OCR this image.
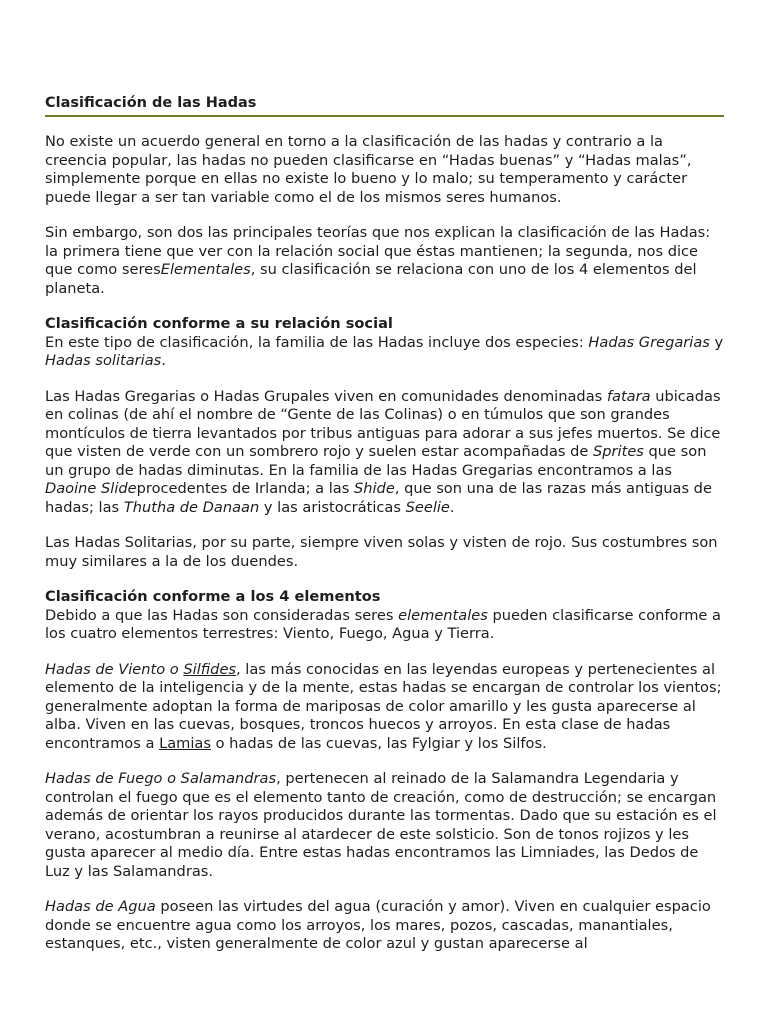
Clasificación de las Hadas

No existe un acuerdo general en torno a la clasificación de las hadas y contrario a la creencia popular, las hadas no pueden clasificarse en “Hadas buenas” y “Hadas malas”, simplemente porque en ellas no existe lo bueno y lo malo; su temperamento y carácter puede llegar a ser tan variable como el de los mismos seres humanos.

Sin embargo, son dos las principales teorías que nos explican la clasificación de las Hadas: la primera tiene que ver con la relación social que éstas mantienen; la segunda, nos dice que como seresElementales, su clasificación se relaciona con uno de los 4 elementos del planeta.

Clasificación conforme a su relación social
En este tipo de clasificación, la familia de las Hadas incluye dos especies: Hadas Gregarias y Hadas solitarias.

Las Hadas Gregarias o Hadas Grupales viven en comunidades denominadas fatara ubicadas en colinas (de ahí el nombre de “Gente de las Colinas) o en túmulos que son grandes montículos de tierra levantados por tribus antiguas para adorar a sus jefes muertos. Se dice que visten de verde con un sombrero rojo y suelen estar acompañadas de Sprites que son un grupo de hadas diminutas. En la familia de las Hadas Gregarias encontramos a las Daoine Slideprocedentes de Irlanda; a las Shide, que son una de las razas más antiguas de hadas; las Thutha de Danaan y las aristocráticas Seelie.

Las Hadas Solitarias, por su parte, siempre viven solas y visten de rojo. Sus costumbres son muy similares a la de los duendes.

Clasificación conforme a los 4 elementos
Debido a que las Hadas son consideradas seres elementales pueden clasificarse conforme a los cuatro elementos terrestres: Viento, Fuego, Agua y Tierra.

Hadas de Viento o Silfides, las más conocidas en las leyendas europeas y pertenecientes al elemento de la inteligencia y de la mente, estas hadas se encargan de controlar los vientos; generalmente adoptan la forma de mariposas de color amarillo y les gusta aparecerse al alba. Viven en las cuevas, bosques, troncos huecos y arroyos. En esta clase de hadas encontramos a Lamias o hadas de las cuevas, las Fylgiar y los Silfos.

Hadas de Fuego o Salamandras, pertenecen al reinado de la Salamandra Legendaria y controlan el fuego que es el elemento tanto de creación, como de destrucción; se encargan además de orientar los rayos producidos durante las tormentas. Dado que su estación es el verano, acostumbran a reunirse al atardecer de este solsticio. Son de tonos rojizos y les gusta aparecer al medio día. Entre estas hadas encontramos las Limniades, las Dedos de Luz y las Salamandras.

Hadas de Agua poseen las virtudes del agua (curación y amor). Viven en cualquier espacio donde se encuentre agua como los arroyos, los mares, pozos, cascadas, manantiales, estanques, etc., visten generalmente de color azul y gustan aparecerse al
